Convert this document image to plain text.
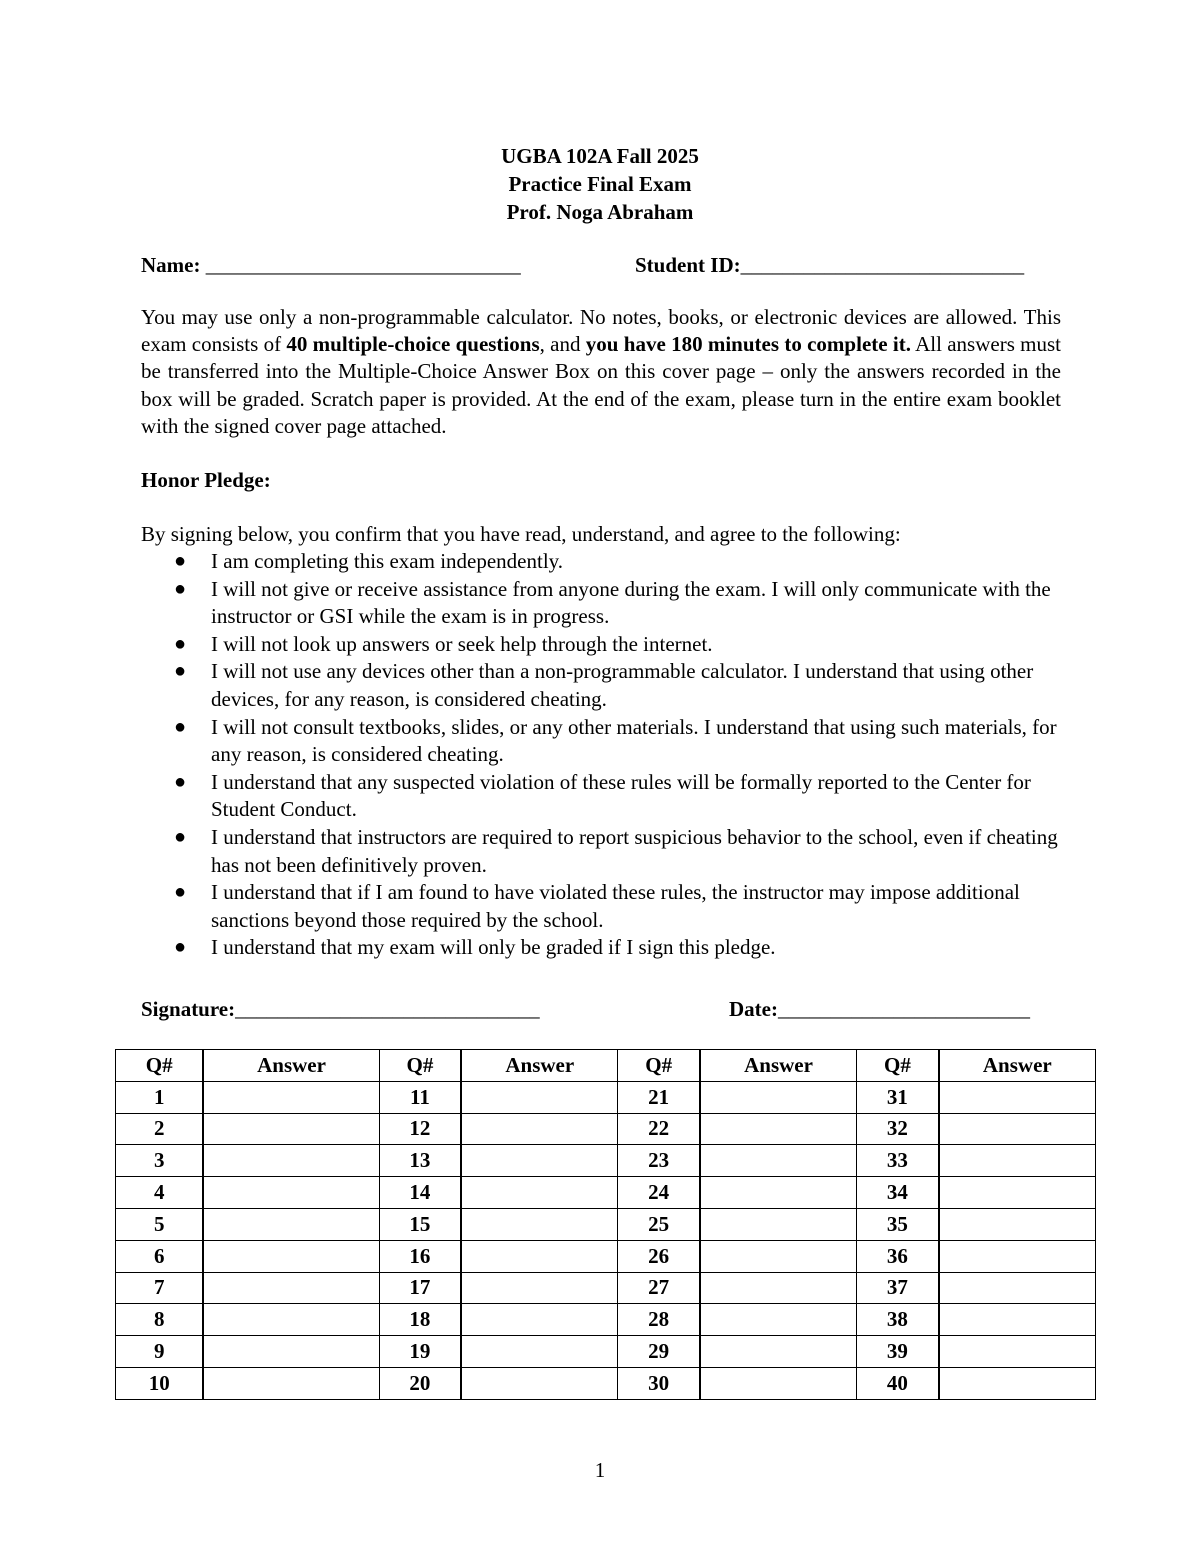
UGBA 102A Fall 2025
Practice Final Exam
Prof. Noga Abraham
Name: ______________________________	Student ID:___________________________

You may use only a non-programmable calculator. No notes, books, or electronic devices are allowed. This exam consists of 40 multiple-choice questions, and you have 180 minutes to complete it. All answers must be transferred into the Multiple-Choice Answer Box on this cover page – only the answers recorded in the box will be graded. Scratch paper is provided. At the end of the exam, please turn in the entire exam booklet with the signed cover page attached.

Honor Pledge:

By signing below, you confirm that you have read, understand, and agree to the following:

● I am completing this exam independently.
● I will not give or receive assistance from anyone during the exam. I will only communicate with the instructor or GSI while the exam is in progress.
● I will not look up answers or seek help through the internet.
● I will not use any devices other than a non-programmable calculator. I understand that using other devices, for any reason, is considered cheating.
● I will not consult textbooks, slides, or any other materials. I understand that using such materials, for any reason, is considered cheating.
● I understand that any suspected violation of these rules will be formally reported to the Center for Student Conduct.
● I understand that instructors are required to report suspicious behavior to the school, even if cheating has not been definitively proven.
● I understand that if I am found to have violated these rules, the instructor may impose additional sanctions beyond those required by the school.
● I understand that my exam will only be graded if I sign this pledge.
Signature:_____________________________	Date:________________________
Q#	Answer	Q#	Answer	Q#	Answer	Q#	Answer
1		11		21		31	
2		12		22		32	
3		13		23		33	
4		14		24		34	
5		15		25		35	
6		16		26		36	
7		17		27		37	
8		18		28		38	
9		19		29		39	
10		20		30		40	
1
